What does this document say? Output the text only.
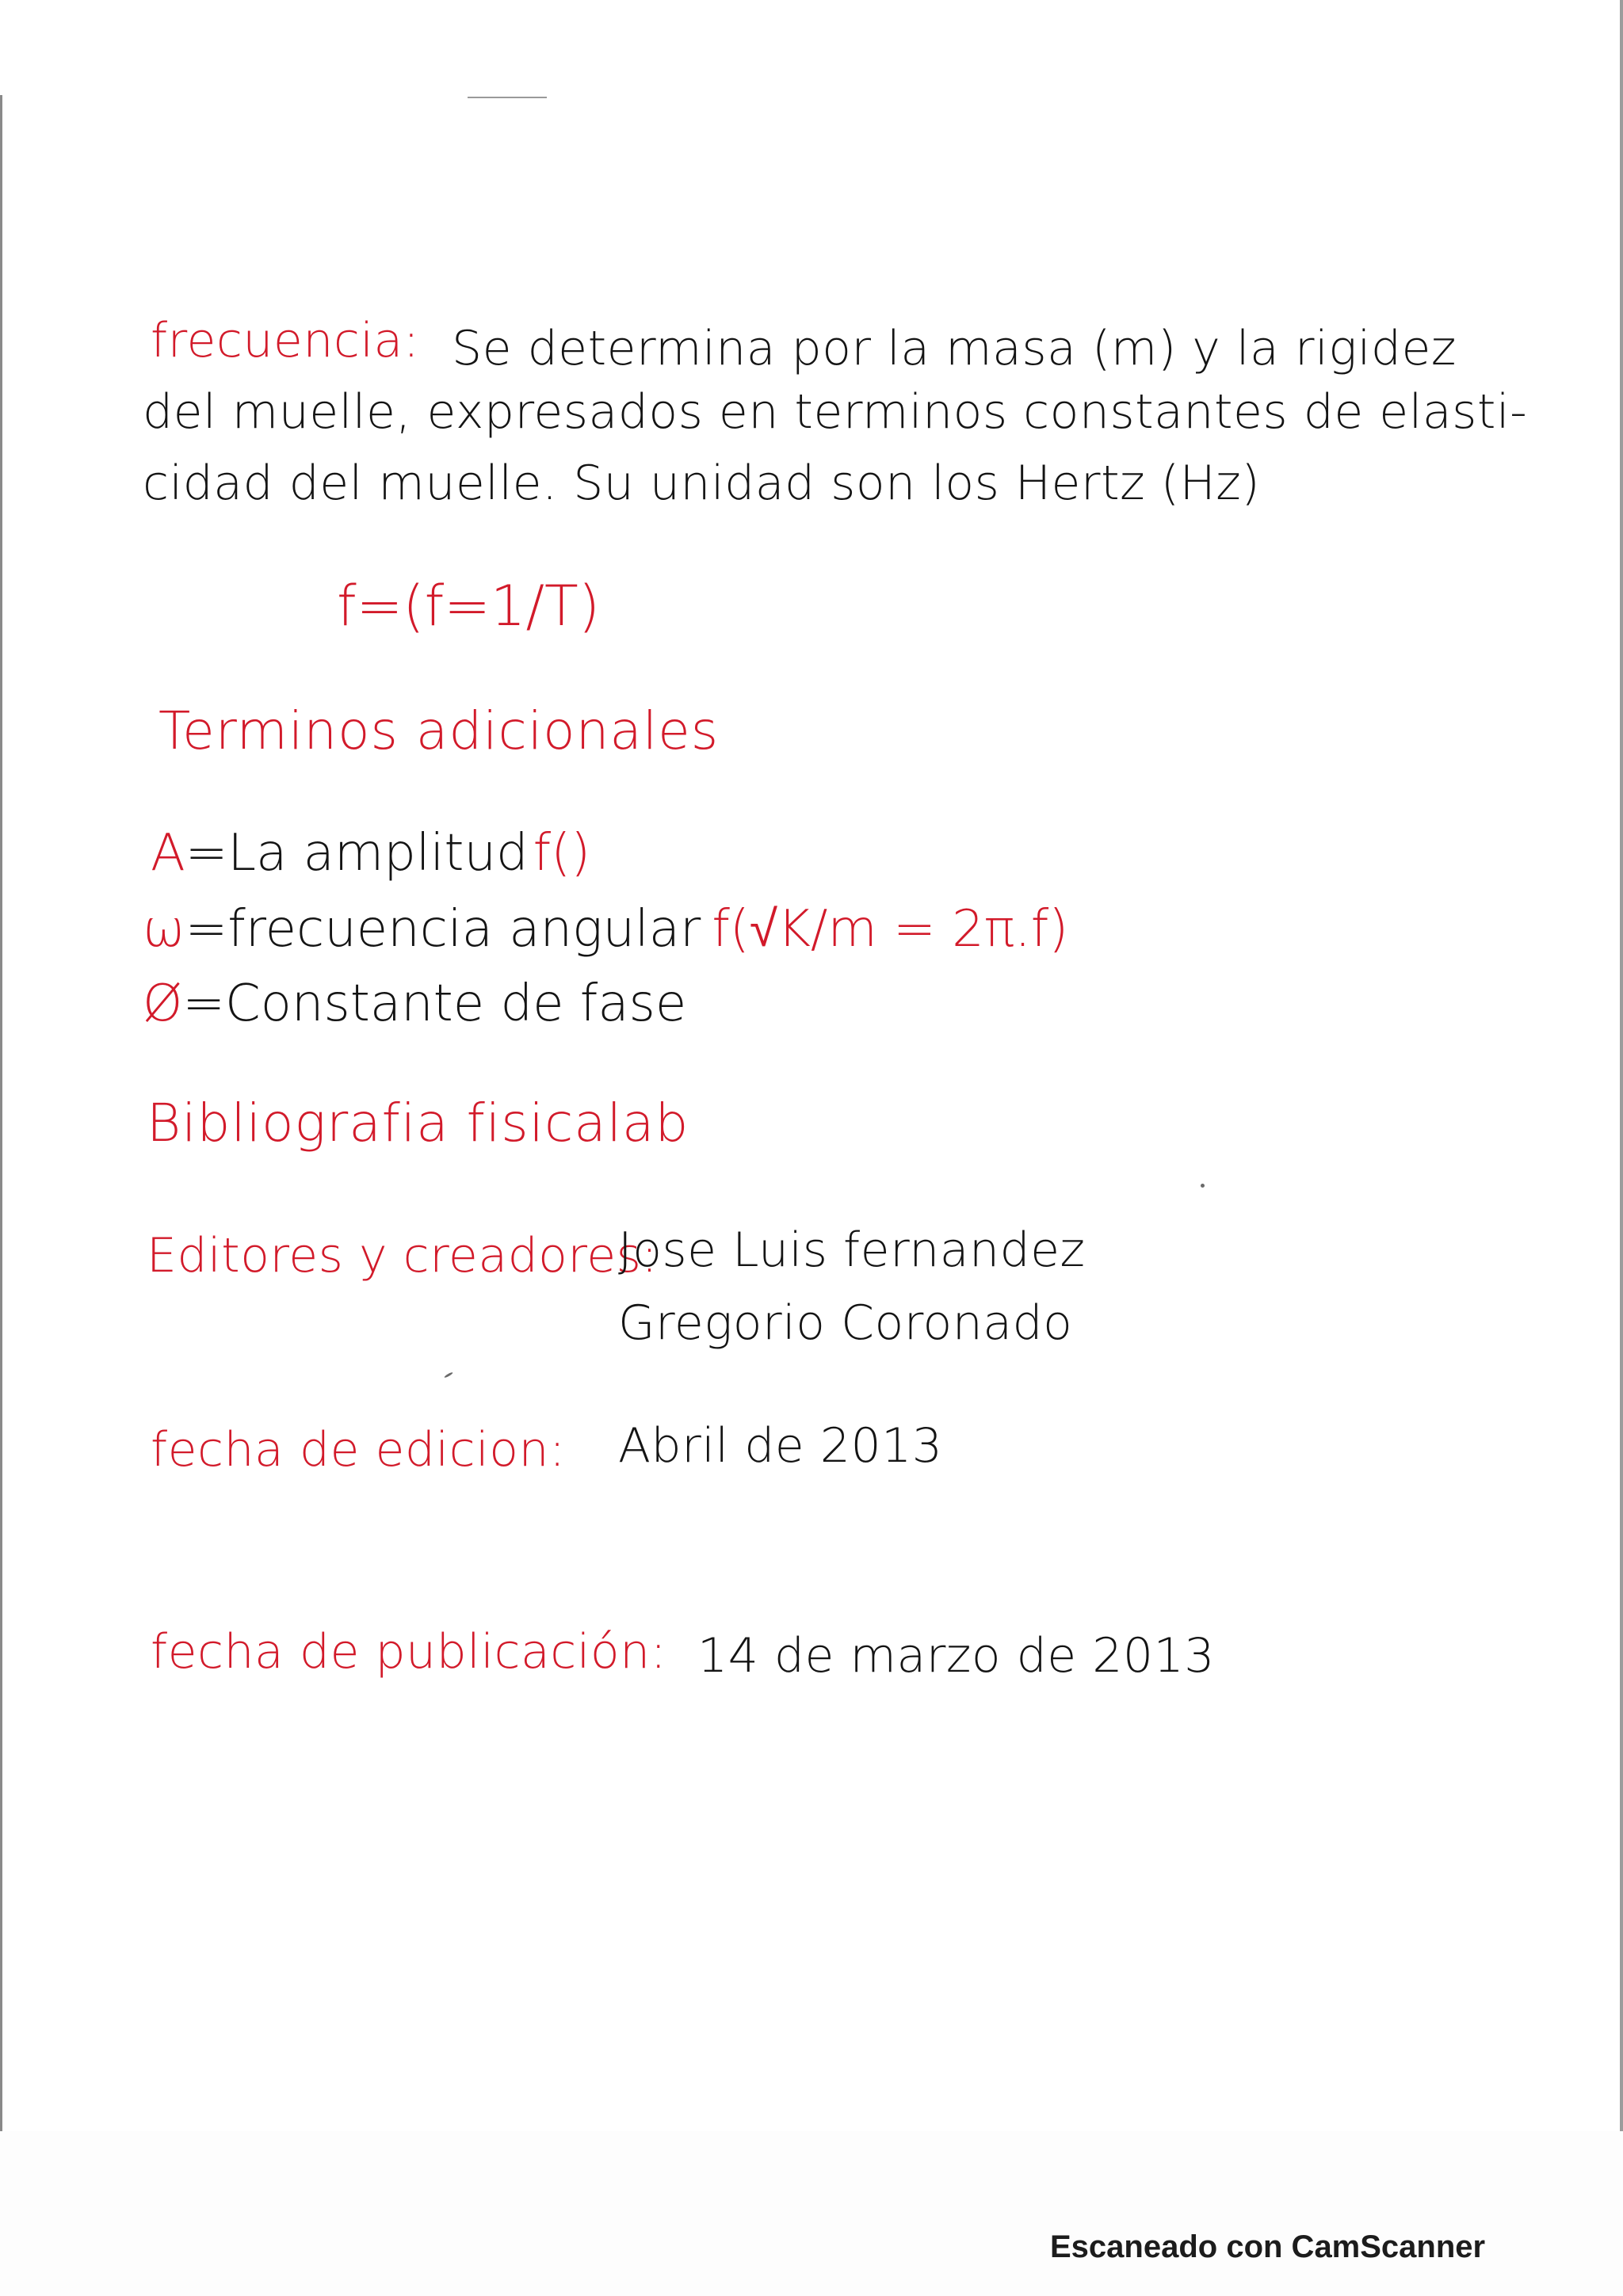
frecuencia: Se determina por la masa (m) y la rigidez
del muelle, expresados en terminos constantes de elasti-
cidad del muelle. Su unidad son los Hertz (Hz)
f=(f=1/T)
Terminos adicionales
A=La amplitudf()
ω=frecuencia angular f(√K/m = 2π.f)
Ø=Constante de fase
Bibliografia fisicalab
Editores y creadores:
Jose Luis fernandez
Gregorio Coronado
fecha de edicion: Abril de 2013
fecha de publicación: 14 de marzo de 2013
Escaneado con CamScanner
